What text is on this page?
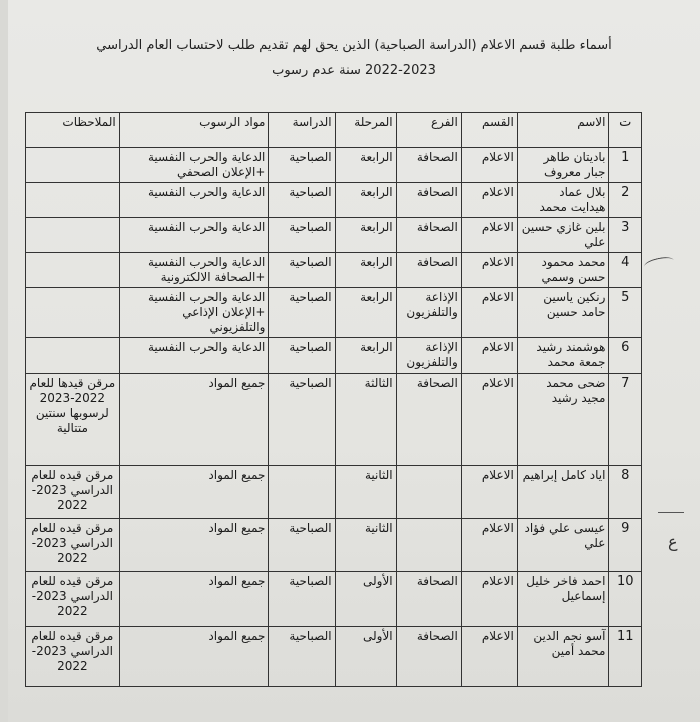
أسماء طلبة قسم الاعلام (الدراسة الصباحية) الذين يحق لهم تقديم طلب لاحتساب العام الدراسي
2022-2023 سنة عدم رسوب
ت	الاسم	القسم	الفرع	المرحلة	الدراسة	مواد الرسوب	الملاحظات
1	باديتان طاهر جبار معروف	الاعلام	الصحافة	الرابعة	الصباحية	الدعاية والحرب النفسية +الإعلان الصحفي	
2	بلال عماد هيدايت محمد	الاعلام	الصحافة	الرابعة	الصباحية	الدعاية والحرب النفسية	
3	بلين غازي حسين علي	الاعلام	الصحافة	الرابعة	الصباحية	الدعاية والحرب النفسية	
4	محمد محمود حسن وسمي	الاعلام	الصحافة	الرابعة	الصباحية	الدعاية والحرب النفسية +الصحافة الالكترونية	
5	رنكين ياسين حامد حسين	الاعلام	الإذاعة والتلفزيون	الرابعة	الصباحية	الدعاية والحرب النفسية +الإعلان الإذاعي والتلفزيوني	
6	هوشمند رشيد جمعة محمد	الاعلام	الإذاعة والتلفزيون	الرابعة	الصباحية	الدعاية والحرب النفسية	
7	ضحى محمد مجيد رشيد	الاعلام	الصحافة	الثالثة	الصباحية	جميع المواد	مرقن قيدها للعام 2022-2023 لرسوبها سنتين متتالية
8	اياد كامل إبراهيم	الاعلام		الثانية		جميع المواد	مرقن قيده للعام الدراسي 2023-2022
9	عيسى علي فؤاد علي	الاعلام		الثانية	الصباحية	جميع المواد	مرقن قيده للعام الدراسي 2023-2022
10	احمد فاخر خليل إسماعيل	الاعلام	الصحافة	الأولى	الصباحية	جميع المواد	مرقن قيده للعام الدراسي 2023-2022
11	آسو نجم الدين محمد أمين	الاعلام	الصحافة	الأولى	الصباحية	جميع المواد	مرقن قيده للعام الدراسي 2023-2022
ع
